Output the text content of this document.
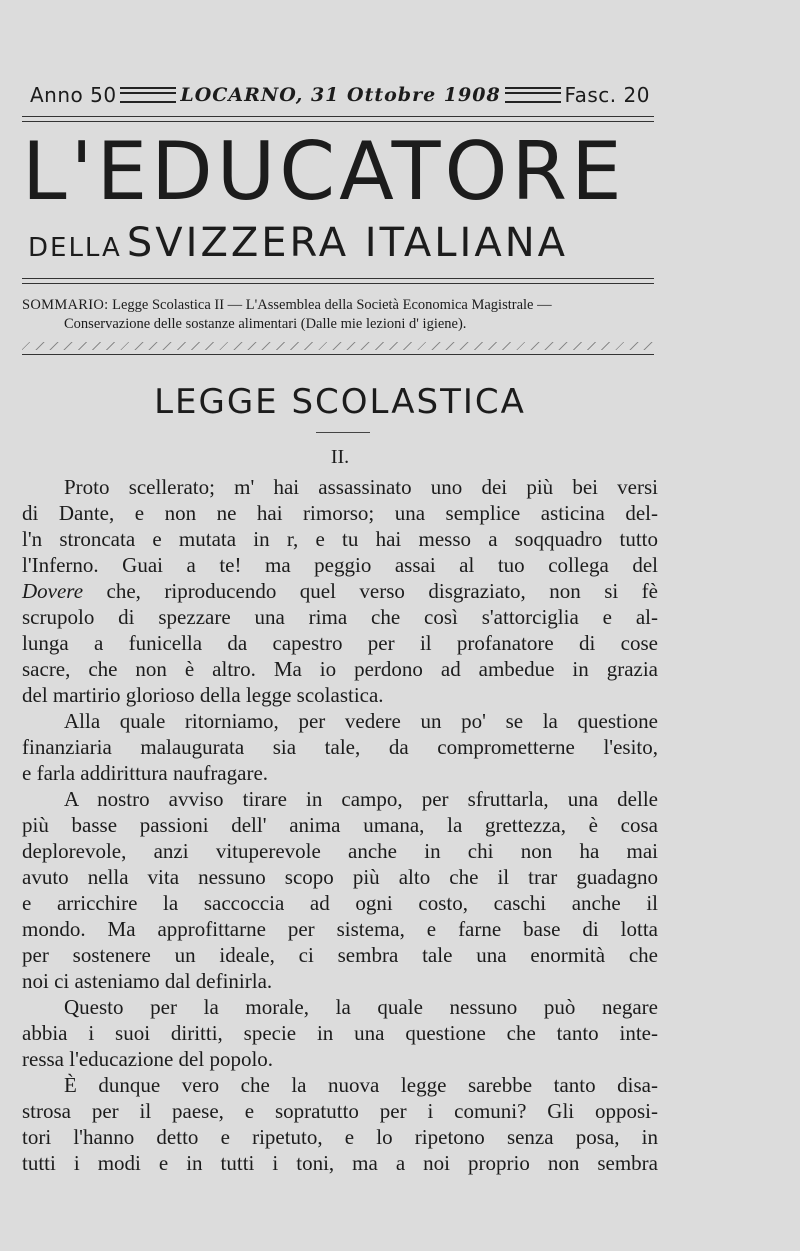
Anno 50	LOCARNO, 31 Ottobre 1908	Fasc. 20
L'EDUCATORE
DELLA SVIZZERA ITALIANA
SOMMARIO: Legge Scolastica II — L'Assemblea della Società Economica Magistrale —
Conservazione delle sostanze alimentari (Dalle mie lezioni d' igiene).
LEGGE SCOLASTICA
II.
Proto scellerato; m' hai assassinato uno dei più bei versi
di Dante, e non ne hai rimorso; una semplice asticina del-
l'n stroncata e mutata in r, e tu hai messo a soqquadro tutto
l'Inferno. Guai a te! ma peggio assai al tuo collega del
Dovere che, riproducendo quel verso disgraziato, non si fè
scrupolo di spezzare una rima che così s'attorciglia e al-
lunga a funicella da capestro per il profanatore di cose
sacre, che non è altro. Ma io perdono ad ambedue in grazia
del martirio glorioso della legge scolastica.
Alla quale ritorniamo, per vedere un po' se la questione
finanziaria malaugurata sia tale, da comprometterne l'esito,
e farla addirittura naufragare.
A nostro avviso tirare in campo, per sfruttarla, una delle
più basse passioni dell' anima umana, la grettezza, è cosa
deplorevole, anzi vituperevole anche in chi non ha mai
avuto nella vita nessuno scopo più alto che il trar guadagno
e arricchire la saccoccia ad ogni costo, caschi anche il
mondo. Ma approfittarne per sistema, e farne base di lotta
per sostenere un ideale, ci sembra tale una enormità che
noi ci asteniamo dal definirla.
Questo per la morale, la quale nessuno può negare
abbia i suoi diritti, specie in una questione che tanto inte-
ressa l'educazione del popolo.
È dunque vero che la nuova legge sarebbe tanto disa-
strosa per il paese, e sopratutto per i comuni? Gli opposi-
tori l'hanno detto e ripetuto, e lo ripetono senza posa, in
tutti i modi e in tutti i toni, ma a noi proprio non sembra
